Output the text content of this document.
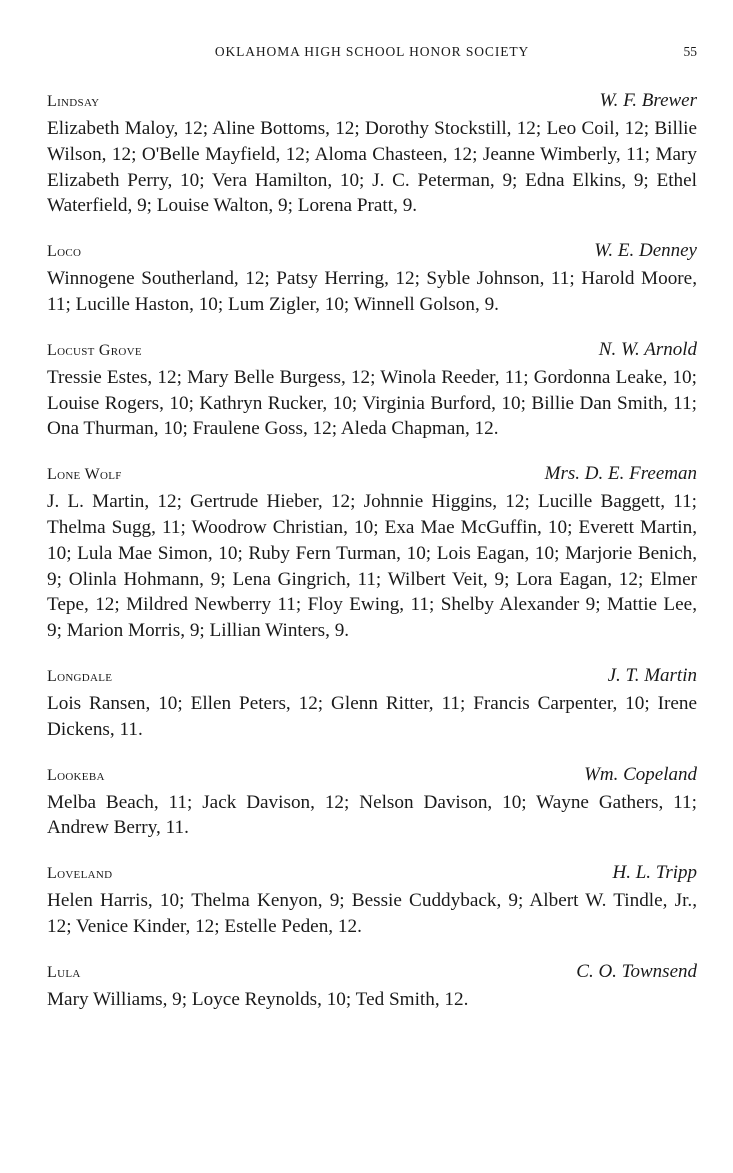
OKLAHOMA HIGH SCHOOL HONOR SOCIETY	55
Lindsay	W. F. Brewer

Elizabeth Maloy, 12; Aline Bottoms, 12; Dorothy Stockstill, 12; Leo Coil, 12; Billie Wilson, 12; O'Belle Mayfield, 12; Aloma Chasteen, 12; Jeanne Wimberly, 11; Mary Elizabeth Perry, 10; Vera Hamilton, 10; J. C. Peterman, 9; Edna Elkins, 9; Ethel Waterfield, 9; Louise Walton, 9; Lorena Pratt, 9.

Loco	W. E. Denney

Winnogene Southerland, 12; Patsy Herring, 12; Syble Johnson, 11; Harold Moore, 11; Lucille Haston, 10; Lum Zigler, 10; Winnell Golson, 9.

Locust Grove	N. W. Arnold

Tressie Estes, 12; Mary Belle Burgess, 12; Winola Reeder, 11; Gordonna Leake, 10; Louise Rogers, 10; Kathryn Rucker, 10; Virginia Burford, 10; Billie Dan Smith, 11; Ona Thurman, 10; Fraulene Goss, 12; Aleda Chapman, 12.

Lone Wolf	Mrs. D. E. Freeman

J. L. Martin, 12; Gertrude Hieber, 12; Johnnie Higgins, 12; Lucille Baggett, 11; Thelma Sugg, 11; Woodrow Christian, 10; Exa Mae McGuffin, 10; Everett Martin, 10; Lula Mae Simon, 10; Ruby Fern Turman, 10; Lois Eagan, 10; Marjorie Benich, 9; Olinla Hohmann, 9; Lena Gingrich, 11; Wilbert Veit, 9; Lora Eagan, 12; Elmer Tepe, 12; Mildred Newberry 11; Floy Ewing, 11; Shelby Alexander 9; Mattie Lee, 9; Marion Morris, 9; Lillian Winters, 9.

Longdale	J. T. Martin

Lois Ransen, 10; Ellen Peters, 12; Glenn Ritter, 11; Francis Carpenter, 10; Irene Dickens, 11.

Lookeba	Wm. Copeland

Melba Beach, 11; Jack Davison, 12; Nelson Davison, 10; Wayne Gathers, 11; Andrew Berry, 11.

Loveland	H. L. Tripp

Helen Harris, 10; Thelma Kenyon, 9; Bessie Cuddyback, 9; Albert W. Tindle, Jr., 12; Venice Kinder, 12; Estelle Peden, 12.

Lula	C. O. Townsend

Mary Williams, 9; Loyce Reynolds, 10; Ted Smith, 12.
